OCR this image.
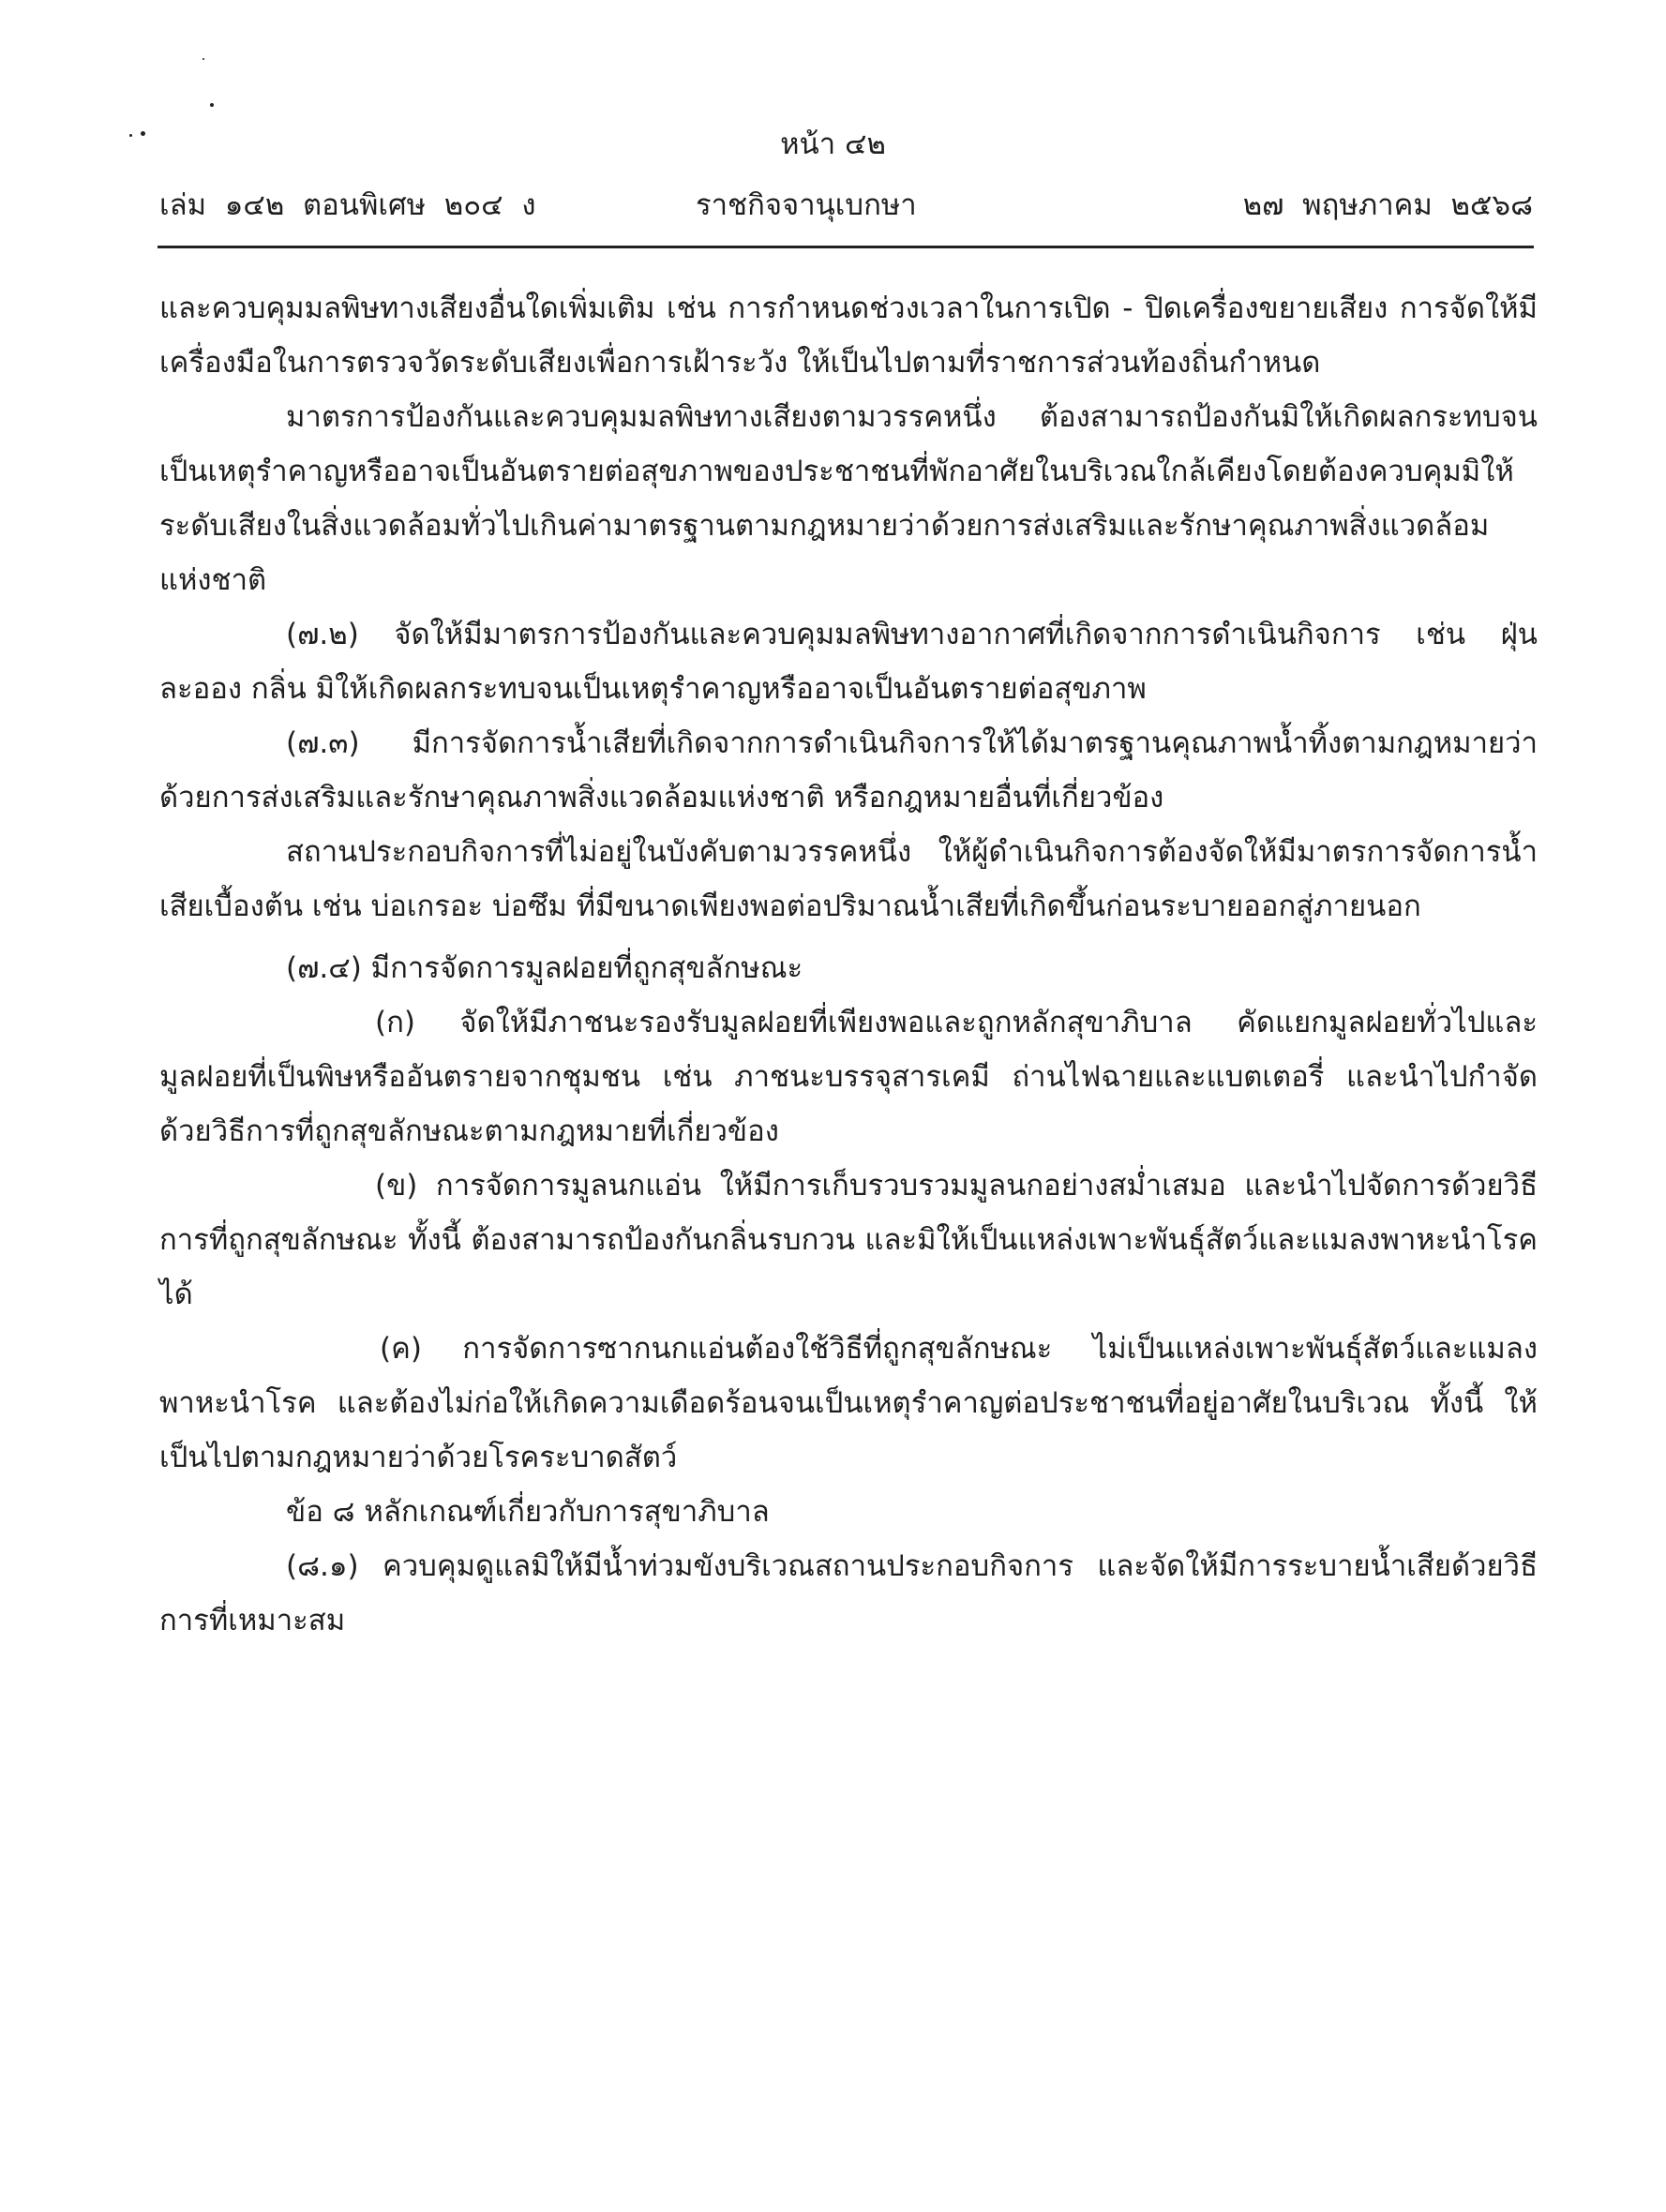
หน้า ๔๒
เล่ม  ๑๔๒  ตอนพิเศษ  ๒๐๔  ง	ราชกิจจานุเบกษา	๒๗  พฤษภาคม  ๒๕๖๘

และควบคุมมลพิษทางเสียงอื่นใดเพิ่มเติม เช่น การกำหนดช่วงเวลาในการเปิด - ปิดเครื่องขยายเสียง การจัดให้มีเครื่องมือในการตรวจวัดระดับเสียงเพื่อการเฝ้าระวัง ให้เป็นไปตามที่ราชการส่วนท้องถิ่นกำหนด

มาตรการป้องกันและควบคุมมลพิษทางเสียงตามวรรคหนึ่ง ต้องสามารถป้องกันมิให้เกิดผลกระทบจนเป็นเหตุรำคาญหรืออาจเป็นอันตรายต่อสุขภาพของประชาชนที่พักอาศัยในบริเวณใกล้เคียงโดยต้องควบคุมมิให้ระดับเสียงในสิ่งแวดล้อมทั่วไปเกินค่ามาตรฐานตามกฎหมายว่าด้วยการส่งเสริมและรักษาคุณภาพสิ่งแวดล้อมแห่งชาติ

(๗.๒) จัดให้มีมาตรการป้องกันและควบคุมมลพิษทางอากาศที่เกิดจากการดำเนินกิจการ เช่น ฝุ่นละออง กลิ่น มิให้เกิดผลกระทบจนเป็นเหตุรำคาญหรืออาจเป็นอันตรายต่อสุขภาพ

(๗.๓) มีการจัดการน้ำเสียที่เกิดจากการดำเนินกิจการให้ได้มาตรฐานคุณภาพน้ำทิ้งตามกฎหมายว่าด้วยการส่งเสริมและรักษาคุณภาพสิ่งแวดล้อมแห่งชาติ หรือกฎหมายอื่นที่เกี่ยวข้อง

สถานประกอบกิจการที่ไม่อยู่ในบังคับตามวรรคหนึ่ง ให้ผู้ดำเนินกิจการต้องจัดให้มีมาตรการจัดการน้ำเสียเบื้องต้น เช่น บ่อเกรอะ บ่อซึม ที่มีขนาดเพียงพอต่อปริมาณน้ำเสียที่เกิดขึ้นก่อนระบายออกสู่ภายนอก

(๗.๔) มีการจัดการมูลฝอยที่ถูกสุขลักษณะ

(ก) จัดให้มีภาชนะรองรับมูลฝอยที่เพียงพอและถูกหลักสุขาภิบาล คัดแยกมูลฝอยทั่วไปและมูลฝอยที่เป็นพิษหรืออันตรายจากชุมชน เช่น ภาชนะบรรจุสารเคมี ถ่านไฟฉายและแบตเตอรี่ และนำไปกำจัดด้วยวิธีการที่ถูกสุขลักษณะตามกฎหมายที่เกี่ยวข้อง

(ข) การจัดการมูลนกแอ่น ให้มีการเก็บรวบรวมมูลนกอย่างสม่ำเสมอ และนำไปจัดการด้วยวิธีการที่ถูกสุขลักษณะ ทั้งนี้ ต้องสามารถป้องกันกลิ่นรบกวน และมิให้เป็นแหล่งเพาะพันธุ์สัตว์และแมลงพาหะนำโรคได้

(ค) การจัดการซากนกแอ่นต้องใช้วิธีที่ถูกสุขลักษณะ ไม่เป็นแหล่งเพาะพันธุ์สัตว์และแมลงพาหะนำโรค และต้องไม่ก่อให้เกิดความเดือดร้อนจนเป็นเหตุรำคาญต่อประชาชนที่อยู่อาศัยในบริเวณ ทั้งนี้ ให้เป็นไปตามกฎหมายว่าด้วยโรคระบาดสัตว์

ข้อ ๘ หลักเกณฑ์เกี่ยวกับการสุขาภิบาล

(๘.๑) ควบคุมดูแลมิให้มีน้ำท่วมขังบริเวณสถานประกอบกิจการ และจัดให้มีการระบายน้ำเสียด้วยวิธีการที่เหมาะสม
